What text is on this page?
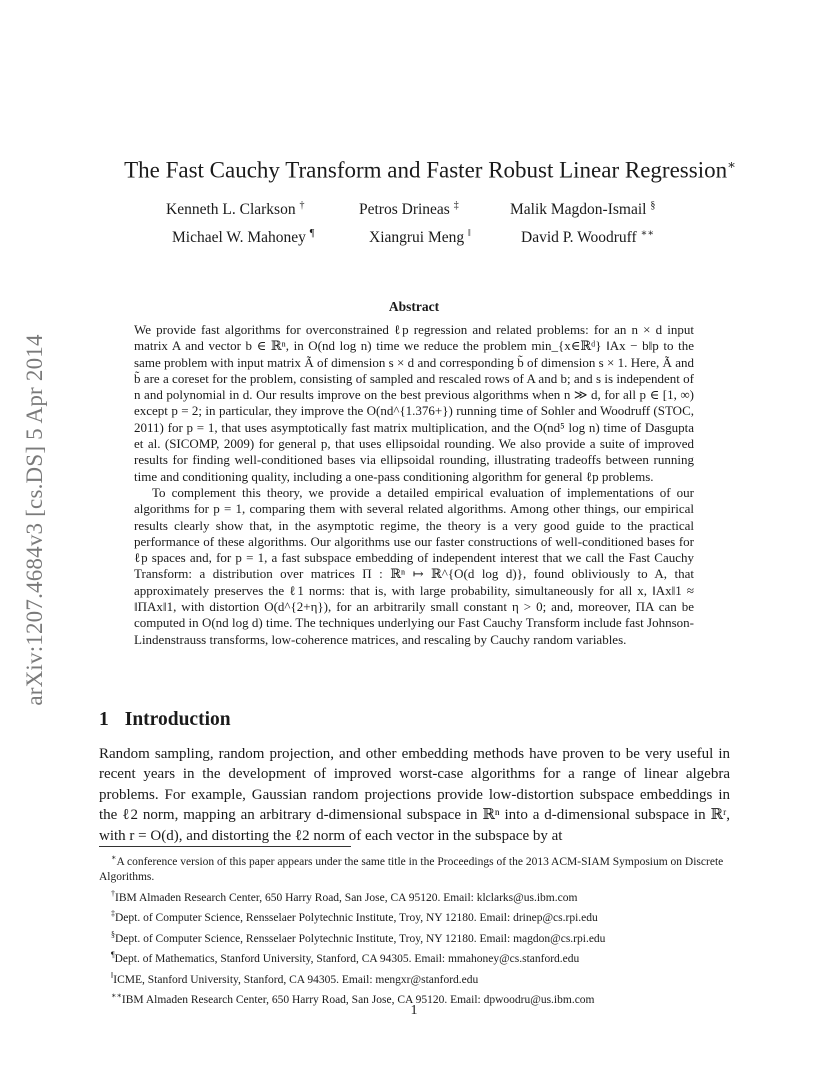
arXiv:1207.4684v3 [cs.DS] 5 Apr 2014
The Fast Cauchy Transform and Faster Robust Linear Regression∗
Kenneth L. Clarkson †	Petros Drineas ‡	Malik Magdon-Ismail §
Michael W. Mahoney ¶	Xiangrui Meng ‖	David P. Woodruff ∗∗
Abstract

We provide fast algorithms for overconstrained ℓp regression and related problems: for an n × d input matrix A and vector b ∈ ℝⁿ, in O(nd log n) time we reduce the problem min_{x∈ℝᵈ} ‖Ax − b‖p to the same problem with input matrix Ã of dimension s × d and corresponding b̃ of dimension s × 1. Here, Ã and b̃ are a coreset for the problem, consisting of sampled and rescaled rows of A and b; and s is independent of n and polynomial in d. Our results improve on the best previous algorithms when n ≫ d, for all p ∈ [1, ∞) except p = 2; in particular, they improve the O(nd^{1.376+}) running time of Sohler and Woodruff (STOC, 2011) for p = 1, that uses asymptotically fast matrix multiplication, and the O(nd⁵ log n) time of Dasgupta et al. (SICOMP, 2009) for general p, that uses ellipsoidal rounding. We also provide a suite of improved results for finding well-conditioned bases via ellipsoidal rounding, illustrating tradeoffs between running time and conditioning quality, including a one-pass conditioning algorithm for general ℓp problems.

To complement this theory, we provide a detailed empirical evaluation of implementations of our algorithms for p = 1, comparing them with several related algorithms. Among other things, our empirical results clearly show that, in the asymptotic regime, the theory is a very good guide to the practical performance of these algorithms. Our algorithms use our faster constructions of well-conditioned bases for ℓp spaces and, for p = 1, a fast subspace embedding of independent interest that we call the Fast Cauchy Transform: a distribution over matrices Π : ℝⁿ ↦ ℝ^{O(d log d)}, found obliviously to A, that approximately preserves the ℓ1 norms: that is, with large probability, simultaneously for all x, ‖Ax‖1 ≈ ‖ΠAx‖1, with distortion O(d^{2+η}), for an arbitrarily small constant η > 0; and, moreover, ΠA can be computed in O(nd log d) time. The techniques underlying our Fast Cauchy Transform include fast Johnson-Lindenstrauss transforms, low-coherence matrices, and rescaling by Cauchy random variables.

1 Introduction

Random sampling, random projection, and other embedding methods have proven to be very useful in recent years in the development of improved worst-case algorithms for a range of linear algebra problems. For example, Gaussian random projections provide low-distortion subspace embeddings in the ℓ2 norm, mapping an arbitrary d-dimensional subspace in ℝⁿ into a d-dimensional subspace in ℝʳ, with r = O(d), and distorting the ℓ2 norm of each vector in the subspace by at

∗A conference version of this paper appears under the same title in the Proceedings of the 2013 ACM-SIAM Symposium on Discrete Algorithms.

†IBM Almaden Research Center, 650 Harry Road, San Jose, CA 95120. Email: klclarks@us.ibm.com

‡Dept. of Computer Science, Rensselaer Polytechnic Institute, Troy, NY 12180. Email: drinep@cs.rpi.edu

§Dept. of Computer Science, Rensselaer Polytechnic Institute, Troy, NY 12180. Email: magdon@cs.rpi.edu

¶Dept. of Mathematics, Stanford University, Stanford, CA 94305. Email: mmahoney@cs.stanford.edu

‖ICME, Stanford University, Stanford, CA 94305. Email: mengxr@stanford.edu

∗∗IBM Almaden Research Center, 650 Harry Road, San Jose, CA 95120. Email: dpwoodru@us.ibm.com

1
